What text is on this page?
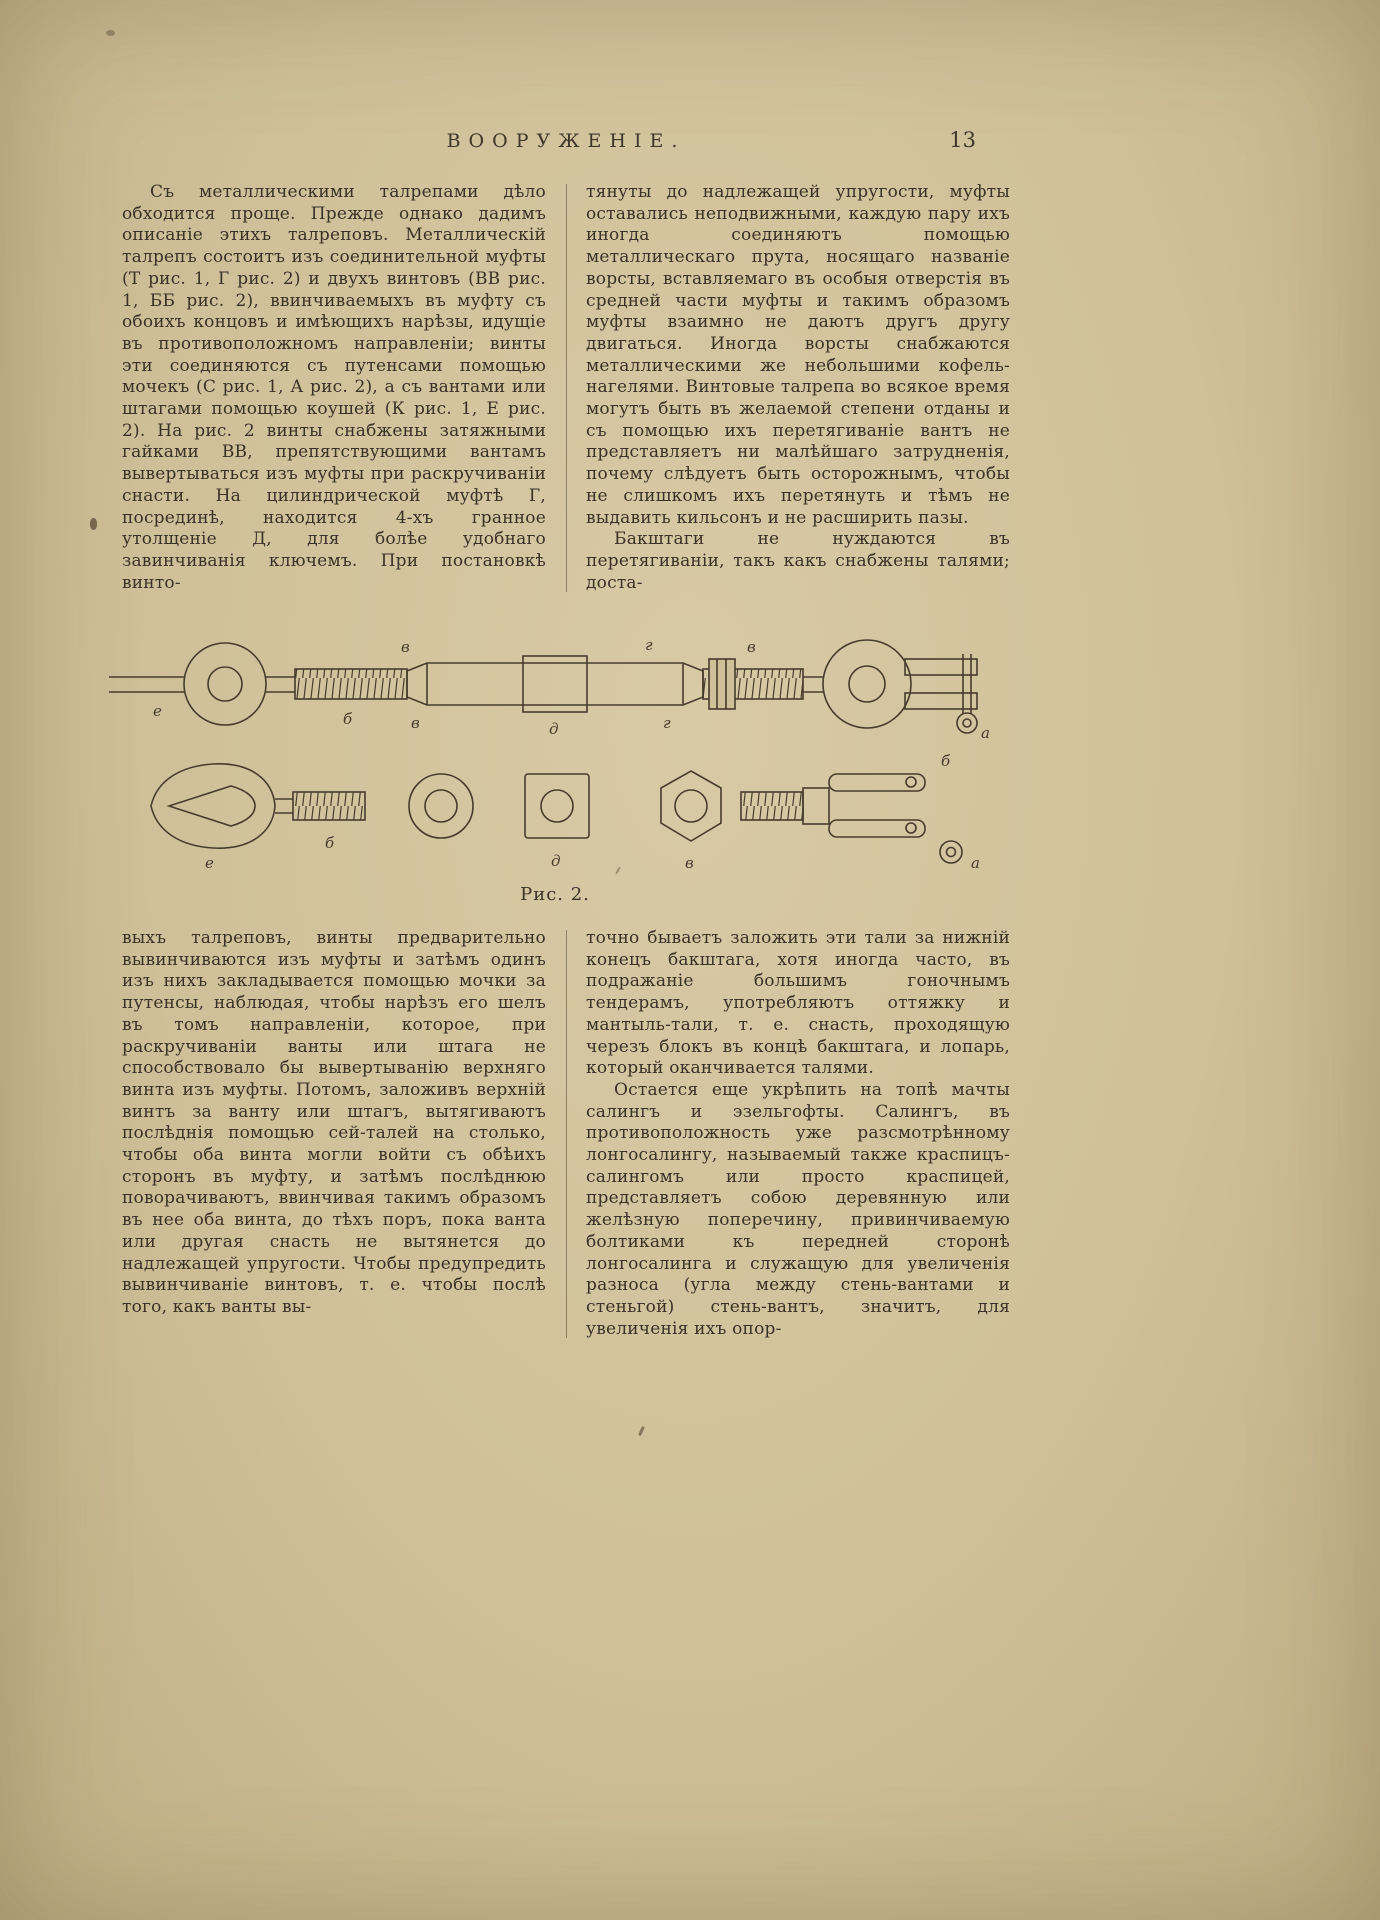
ВООРУЖЕНІЕ.	13

Съ металлическими талрепами дѣло обходится проще. Прежде однако дадимъ описаніе этихъ талреповъ. Металлическій талрепъ состоитъ изъ соединительной муфты (Т рис. 1, Г рис. 2) и двухъ винтовъ (ВВ рис. 1, ББ рис. 2), ввинчиваемыхъ въ муфту съ обоихъ концовъ и имѣющихъ нарѣзы, идущіе въ противоположномъ направленіи; винты эти соединяются съ путенсами помощью мочекъ (С рис. 1, А рис. 2), а съ вантами или штагами помощью коушей (К рис. 1, Е рис. 2). На рис. 2 винты снабжены затяжными гайками ВВ, препятствующими вантамъ вывертываться изъ муфты при раскручиваніи снасти. На цилиндрической муфтѣ Г, посрединѣ, находится 4-хъ гранное утолщеніе Д, для болѣе удобнаго завинчиванія ключемъ. При постановкѣ винто-

тянуты до надлежащей упругости, муфты оставались неподвижными, каждую пару ихъ иногда соединяютъ помощью металлическаго прута, носящаго названіе ворсты, вставляемаго въ особыя отверстія въ средней части муфты и такимъ образомъ муфты взаимно не даютъ другъ другу двигаться. Иногда ворсты снабжаются металлическими же небольшими кофель-нагелями. Винтовые талрепа во всякое время могутъ быть въ желаемой степени отданы и съ помощью ихъ перетягиваніе вантъ не представляетъ ни малѣйшаго затрудненія, почему слѣдуетъ быть осторожнымъ, чтобы не слишкомъ ихъ перетянуть и тѣмъ не выдавить кильсонъ и не расширить пазы.

Бакштаги не нуждаются въ перетягиваніи, такъ какъ снабжены талями; доста-

е	б
в
в	д
г
г
в
а
е
б
д	в
б
а
Рис. 2.

выхъ талреповъ, винты предварительно вывинчиваются изъ муфты и затѣмъ одинъ изъ нихъ закладывается помощью мочки за путенсы, наблюдая, чтобы нарѣзъ его шелъ въ томъ направленіи, которое, при раскручиваніи ванты или штага не способствовало бы вывертыванію верхняго винта изъ муфты. Потомъ, заложивъ верхній винтъ за ванту или штагъ, вытягиваютъ послѣднія помощью сей-талей на столько, чтобы оба винта могли войти съ обѣихъ сторонъ въ муфту, и затѣмъ послѣднюю поворачиваютъ, ввинчивая такимъ образомъ въ нее оба винта, до тѣхъ поръ, пока ванта или другая снасть не вытянется до надлежащей упругости. Чтобы предупредить вывинчиваніе винтовъ, т. е. чтобы послѣ того, какъ ванты вы-

точно бываетъ заложить эти тали за нижній конецъ бакштага, хотя иногда часто, въ подражаніе большимъ гоночнымъ тендерамъ, употребляютъ оттяжку и мантыль-тали, т. е. снасть, проходящую черезъ блокъ въ концѣ бакштага, и лопарь, который оканчивается талями.

Остается еще укрѣпить на топѣ мачты салингъ и эзельгофты. Салингъ, въ противоположность уже разсмотрѣнному лонгосалингу, называемый также краспицъ-салингомъ или просто краспицей, представляетъ собою деревянную или желѣзную поперечину, привинчиваемую болтиками къ передней сторонѣ лонгосалинга и служащую для увеличенія разноса (угла между стень-вантами и стеньгой) стень-вантъ, значитъ, для увеличенія ихъ опор-
